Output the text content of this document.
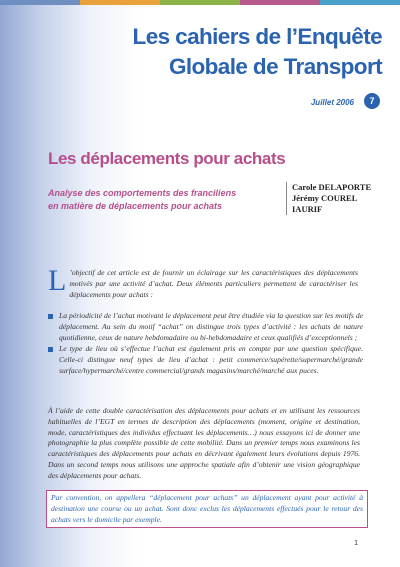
Les cahiers de l’Enquête
Globale de Transport
Juillet 2006	7
Les déplacements pour achats
Analyse des comportements des franciliens
en matière de déplacements pour achats
Carole DELAPORTE
Jérémy COUREL
IAURIF
L ’objectif de cet article est de fournir un éclairage sur les caractéristiques des déplacements motivés par une activité d’achat. Deux éléments particuliers permettent de caractériser les déplacements pour achats :
La périodicité de l’achat motivant le déplacement peut être étudiée via la question sur les motifs de déplacement. Au sein du motif “achat” on distingue trois types d’activité : les achats de nature quotidienne, ceux de nature hebdomadaire ou bi-hebdomadaire et ceux qualifiés d’exceptionnels ;
Le type de lieu où s’effectue l’achat est également pris en compte par une question spécifique. Celle-ci distingue neuf types de lieu d’achat : petit commerce/supérette/supermarché/grande surface/hypermarché/centre commercial/grands magasins/marché/marché aux puces.
À l’aide de cette double caractérisation des déplacements pour achats et en utilisant les ressources habituelles de l’EGT en termes de description des déplacements (moment, origine et destination, mode, caractéristiques des individus effectuant les déplacements…) nous essayons ici de donner une photographie la plus complète possible de cette mobilité. Dans un premier temps nous examinons les caractéristiques des déplacements pour achats en décrivant également leurs évolutions depuis 1976. Dans un second temps nous utilisons une approche spatiale afin d’obtenir une vision géographique des déplacements pour achats.
Par convention, on appellera “déplacement pour achats” un déplacement ayant pour activité à destination une course ou un achat. Sont donc exclus les déplacements effectués pour le retour des achats vers le domicile par exemple.
1
